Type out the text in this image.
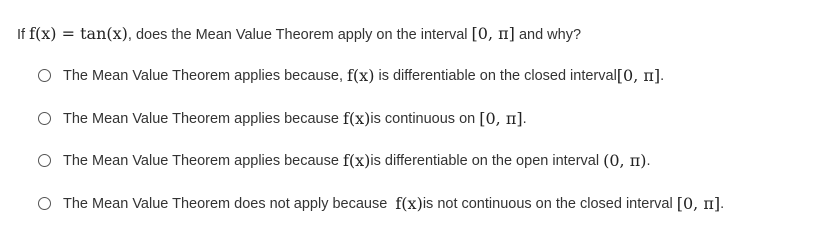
If f(x) = tan(x), does the Mean Value Theorem apply on the interval [0, π] and why?
The Mean Value Theorem applies because,
f(x)
is differentiable on the closed interval [0, π] .
The Mean Value Theorem applies because
f(x) is continuous on
[0, π] .
The Mean Value Theorem applies because
f(x) is differentiable on the open interval
(0, π) .
The Mean Value Theorem does not apply because
f(x) is not continuous on the closed interval
[0, π] .
